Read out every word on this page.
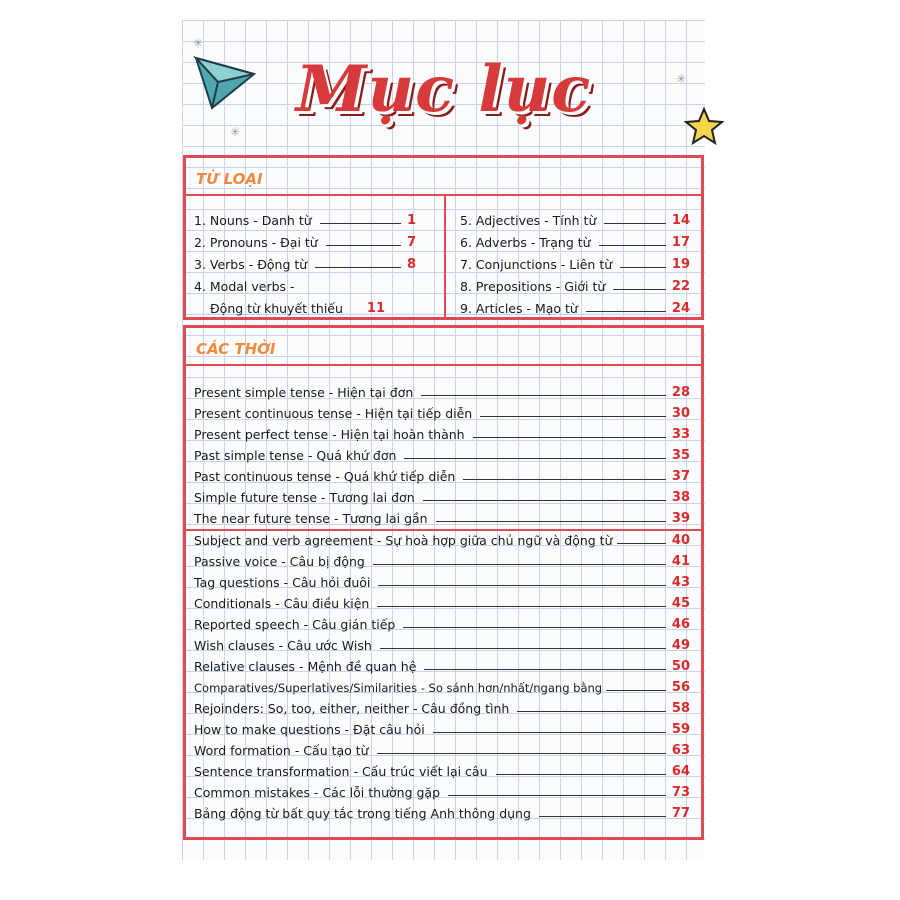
Mục lục
✳
✳
✳
TỪ LOẠI
1. Nouns - Danh từ	1
2. Pronouns - Đại từ	7
3. Verbs - Động từ	8
4. Modal verbs -
Động từ khuyết thiếu 11
5. Adjectives - Tính từ	14
6. Adverbs - Trạng từ	17
7. Conjunctions - Liên từ	19
8. Prepositions - Giới từ	22
9. Articles - Mạo từ	24
CÁC THỜI
Present simple tense - Hiện tại đơn	28
Present continuous tense - Hiện tại tiếp diễn	30
Present perfect tense - Hiện tại hoàn thành	33
Past simple tense - Quá khứ đơn	35
Past continuous tense - Quá khứ tiếp diễn	37
Simple future tense - Tương lai đơn	38
The near future tense - Tương lai gần	39
Subject and verb agreement - Sự hoà hợp giữa chủ ngữ và động từ	40
Passive voice - Câu bị động	41
Tag questions - Câu hỏi đuôi	43
Conditionals - Câu điều kiện	45
Reported speech - Câu gián tiếp	46
Wish clauses - Câu ước Wish	49
Relative clauses - Mệnh đề quan hệ	50
Comparatives/Superlatives/Similarities - So sánh hơn/nhất/ngang bằng	56
Rejoinders: So, too, either, neither - Câu đồng tình	58
How to make questions - Đặt câu hỏi	59
Word formation - Cấu tạo từ	63
Sentence transformation - Cấu trúc viết lại câu	64
Common mistakes - Các lỗi thường gặp	73
Bảng động từ bất quy tắc trong tiếng Anh thông dụng	77
